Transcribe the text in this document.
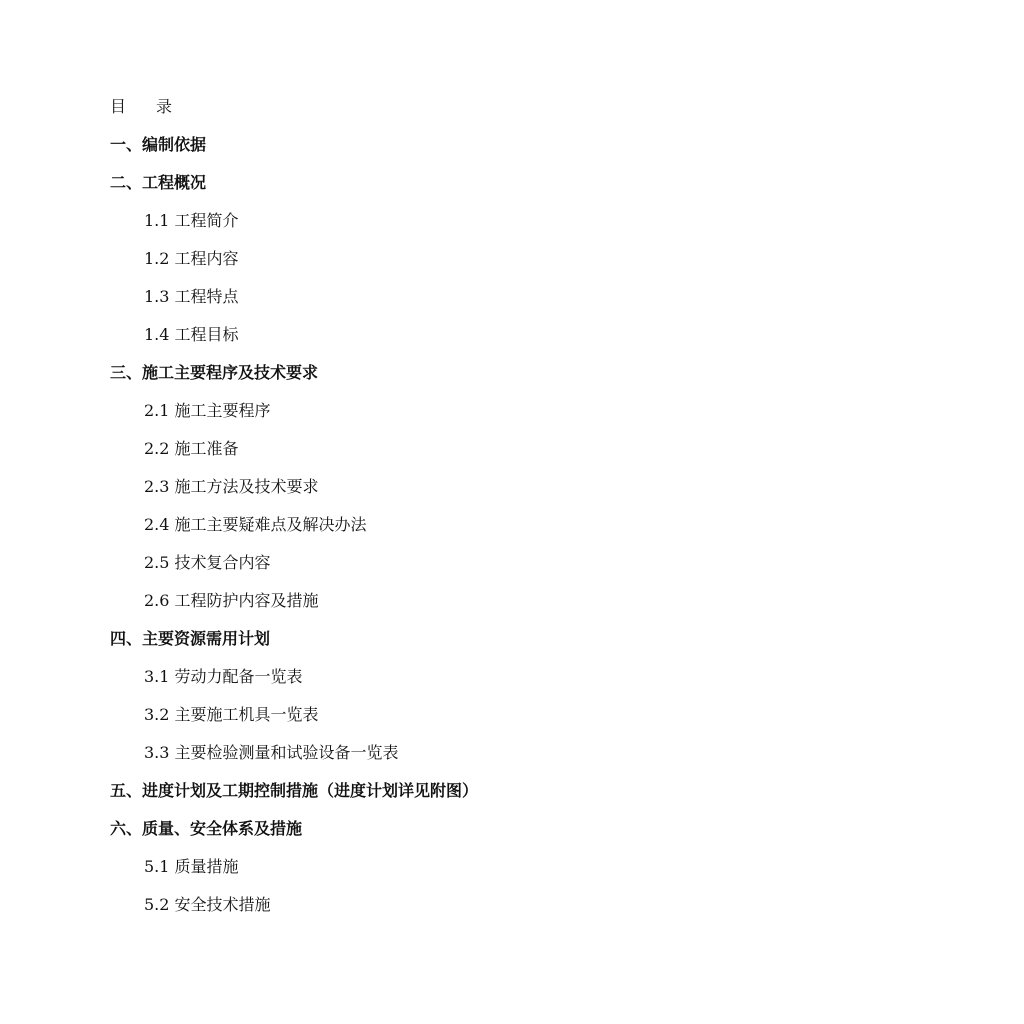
目 录
一、编制依据
二、工程概况
1.1 工程简介
1.2 工程内容
1.3 工程特点
1.4 工程目标
三、施工主要程序及技术要求
2.1 施工主要程序
2.2 施工准备
2.3 施工方法及技术要求
2.4 施工主要疑难点及解决办法
2.5 技术复合内容
2.6 工程防护内容及措施
四、主要资源需用计划
3.1 劳动力配备一览表
3.2 主要施工机具一览表
3.3 主要检验测量和试验设备一览表
五、进度计划及工期控制措施（进度计划详见附图）
六、质量、安全体系及措施
5.1 质量措施
5.2 安全技术措施
